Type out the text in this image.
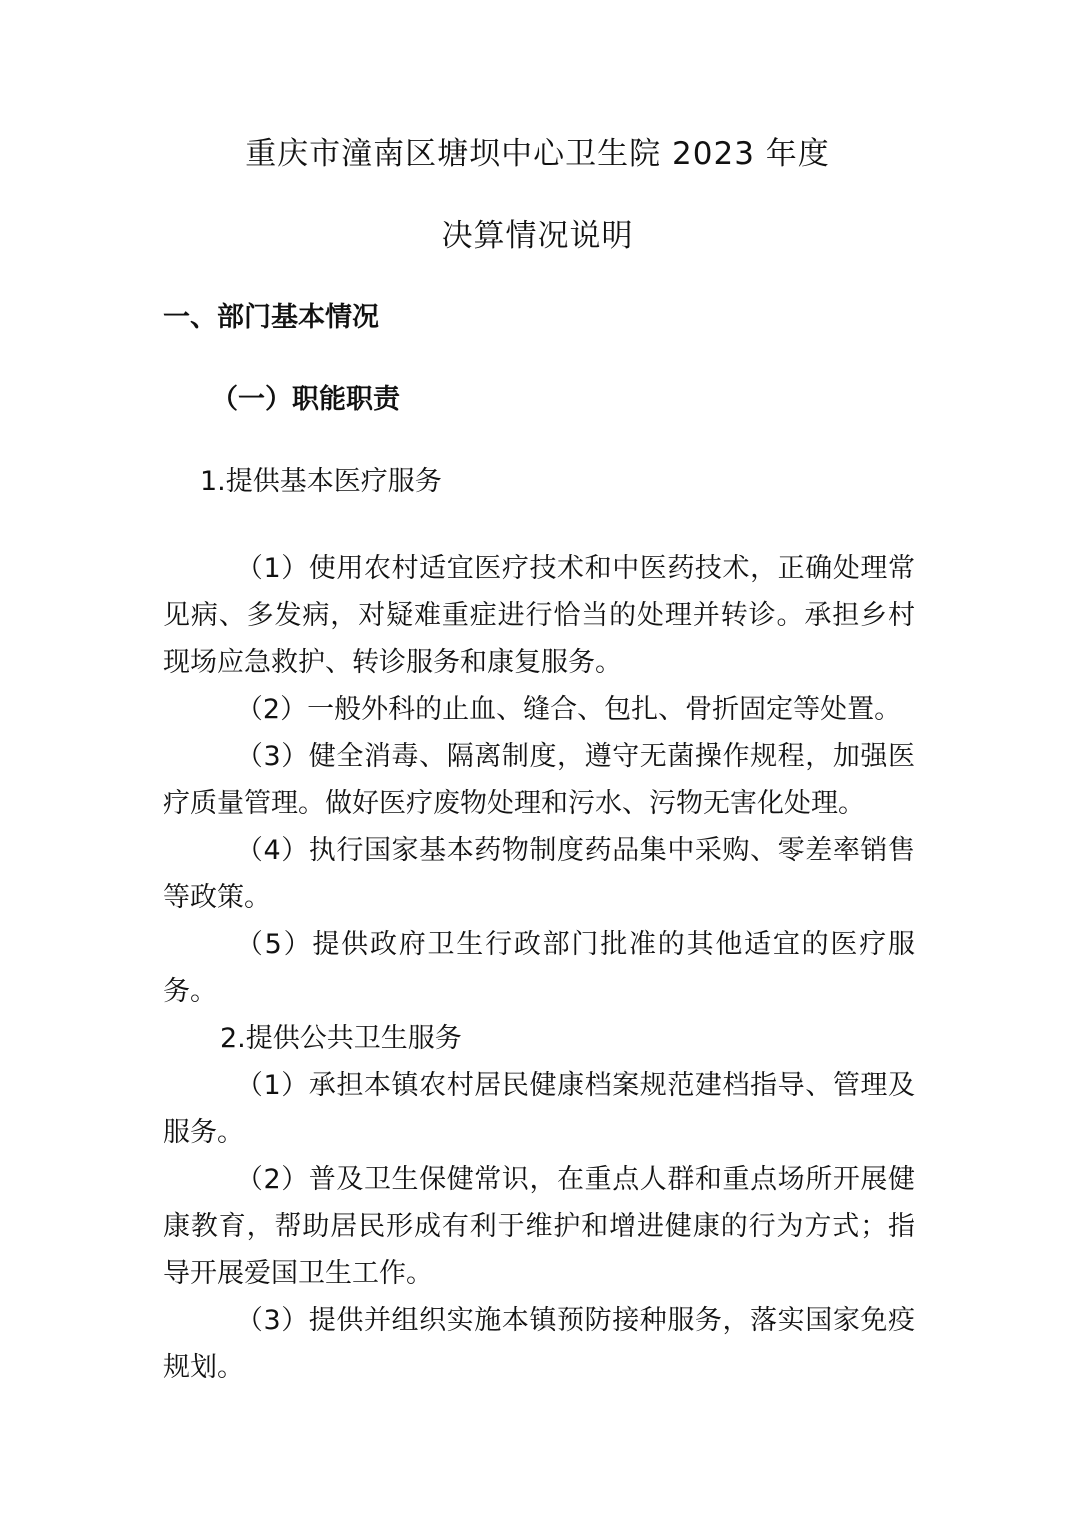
重庆市潼南区塘坝中心卫生院 2023 年度
决算情况说明
一、部门基本情况
（一）职能职责
1.提供基本医疗服务
（1）使用农村适宜医疗技术和中医药技术，正确处理常见病、多发病，对疑难重症进行恰当的处理并转诊。承担乡村现场应急救护、转诊服务和康复服务。
（2）一般外科的止血、缝合、包扎、骨折固定等处置。
（3）健全消毒、隔离制度，遵守无菌操作规程，加强医疗质量管理。做好医疗废物处理和污水、污物无害化处理。
（4）执行国家基本药物制度药品集中采购、零差率销售等政策。
（5）提供政府卫生行政部门批准的其他适宜的医疗服务。
2.提供公共卫生服务
（1）承担本镇农村居民健康档案规范建档指导、管理及服务。
（2）普及卫生保健常识，在重点人群和重点场所开展健康教育，帮助居民形成有利于维护和增进健康的行为方式；指导开展爱国卫生工作。
（3）提供并组织实施本镇预防接种服务，落实国家免疫规划。
